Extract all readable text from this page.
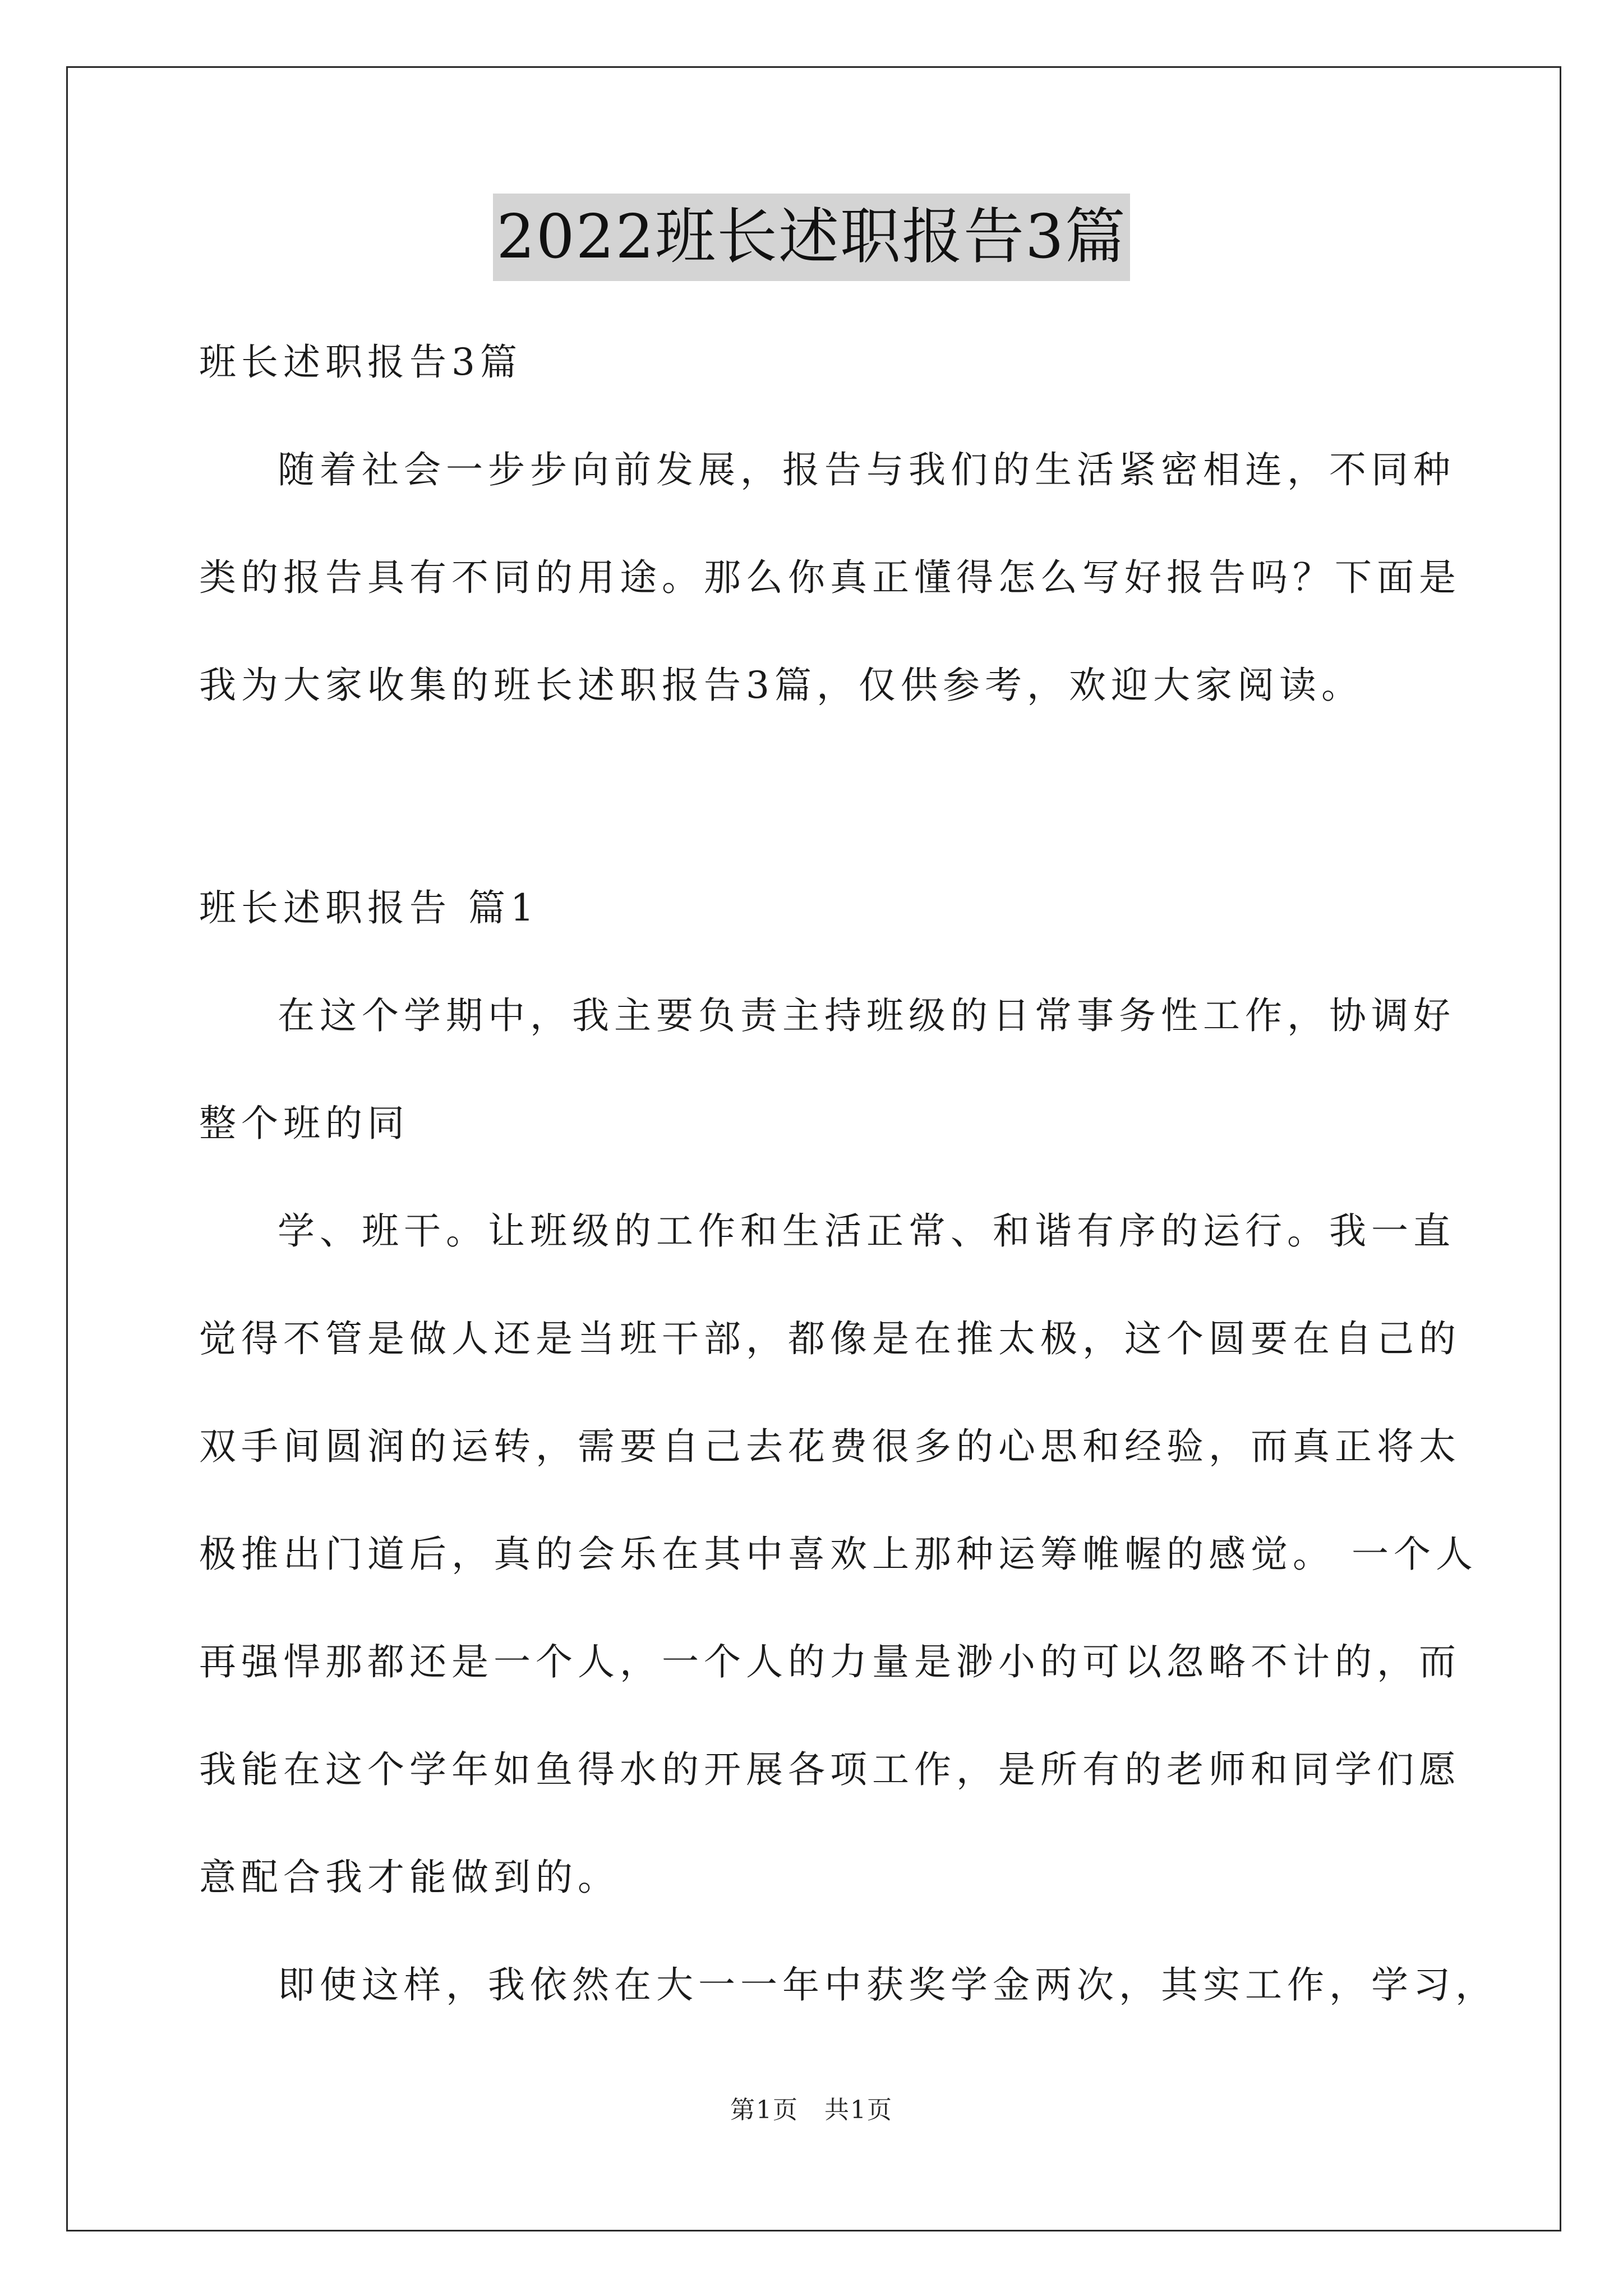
2022班长述职报告3篇
班长述职报告3篇
随着社会一步步向前发展，报告与我们的生活紧密相连，不同种
类的报告具有不同的用途。那么你真正懂得怎么写好报告吗？下面是
我为大家收集的班长述职报告3篇，仅供参考，欢迎大家阅读。
班长述职报告 篇1
在这个学期中，我主要负责主持班级的日常事务性工作，协调好
整个班的同
学、班干。让班级的工作和生活正常、和谐有序的运行。我一直
觉得不管是做人还是当班干部，都像是在推太极，这个圆要在自己的
双手间圆润的运转，需要自己去花费很多的心思和经验，而真正将太
极推出门道后，真的会乐在其中喜欢上那种运筹帷幄的感觉。 一个人
再强悍那都还是一个人，一个人的力量是渺小的可以忽略不计的，而
我能在这个学年如鱼得水的开展各项工作，是所有的老师和同学们愿
意配合我才能做到的。
即使这样，我依然在大一一年中获奖学金两次，其实工作，学习，
第1页 共1页
